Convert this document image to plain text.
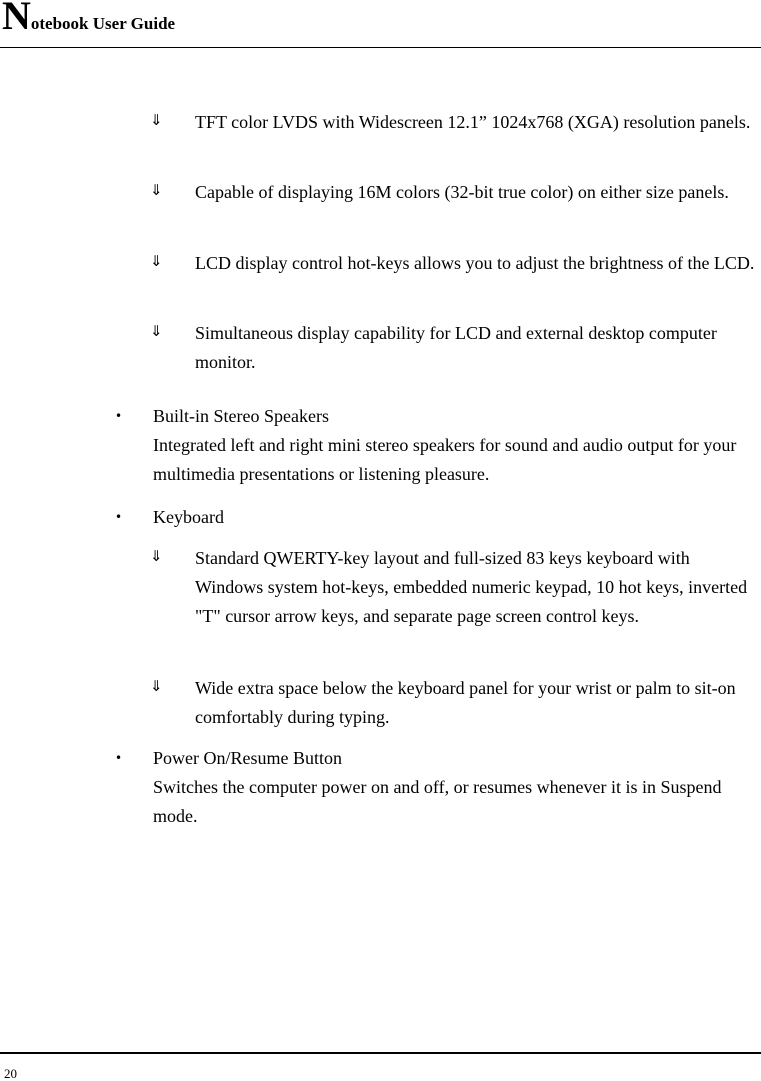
Notebook User Guide
⇓ TFT color LVDS with Widescreen 12.1” 1024x768 (XGA) resolution panels.
⇓ Capable of displaying 16M colors (32-bit true color) on either size panels.
⇓ LCD display control hot-keys allows you to adjust the brightness of the LCD.
⇓ Simultaneous display capability for LCD and external desktop computer monitor.
• Built-in Stereo Speakers
Integrated left and right mini stereo speakers for sound and audio output for your multimedia presentations or listening pleasure.
• Keyboard
⇓ Standard QWERTY-key layout and full-sized 83 keys keyboard with Windows system hot-keys, embedded numeric keypad, 10 hot keys, inverted "T" cursor arrow keys, and separate page screen control keys.
⇓ Wide extra space below the keyboard panel for your wrist or palm to sit-on comfortably during typing.
• Power On/Resume Button
Switches the computer power on and off, or resumes whenever it is in Suspend mode.
20
